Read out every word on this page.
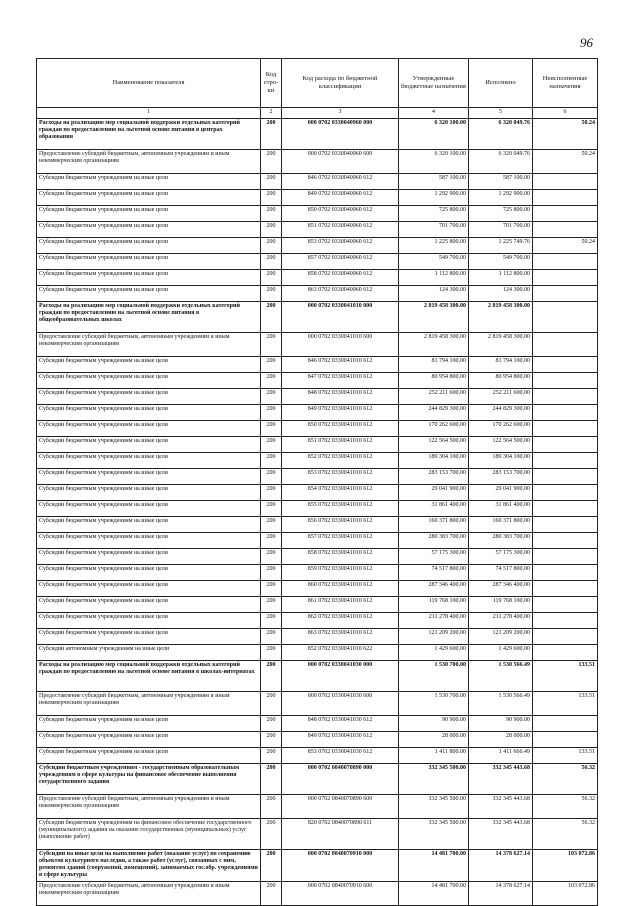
96
Наименование показателя	Код стро-ки	Код расхода по бюджетной классификации	Утвержденные бюджетные назначения	Исполнено	Неисполненные назначения
1	2	3	4	5	6
Расходы на реализацию мер социальной поддержки отдельных категорий граждан по предоставлению на льготной основе питания в центрах образования	200	000 0702 0330040960 000	6 320 100.00	6 320 049.76	50.24
Предоставление субсидий бюджетным, автономным учреждениям и иным некоммерческим организациям	200	000 0702 0330040960 600	6 320 100.00	6 320 049.76	50.24
Субсидии бюджетным учреждениям на иные цели	200	846 0702 0330040960 612	587 100.00	587 100.00	
Субсидии бюджетным учреждениям на иные цели	200	849 0702 0330040960 612	1 292 900.00	1 292 900.00	
Субсидии бюджетным учреждениям на иные цели	200	850 0702 0330040960 612	725 800.00	725 800.00	
Субсидии бюджетным учреждениям на иные цели	200	851 0702 0330040960 612	701 700.00	701 700.00	
Субсидии бюджетным учреждениям на иные цели	200	853 0702 0330040960 612	1 225 800.00	1 225 749.76	50.24
Субсидии бюджетным учреждениям на иные цели	200	857 0702 0330040960 612	549 700.00	549 700.00	
Субсидии бюджетным учреждениям на иные цели	200	858 0702 0330040960 612	1 112 800.00	1 112 800.00	
Субсидии бюджетным учреждениям на иные цели	200	863 0702 0330040960 612	124 300.00	124 300.00	
Расходы на реализацию мер социальной поддержки отдельных категорий граждан по предоставлению на льготной основе питания в общеобразовательных школах	200	000 0702 0330041010 000	2 819 458 300.00	2 819 458 300.00	
Предоставление субсидий бюджетным, автономным учреждениям и иным некоммерческим организациям	200	000 0702 0330041010 600	2 819 458 300.00	2 819 458 300.00	
Субсидии бюджетным учреждениям на иные цели	200	846 0702 0330041010 612	81 794 100.00	81 794 100.00	
Субсидии бюджетным учреждениям на иные цели	200	847 0702 0330041010 612	80 954 800.00	80 954 800.00	
Субсидии бюджетным учреждениям на иные цели	200	848 0702 0330041010 612	252 211 600.00	252 211 600.00	
Субсидии бюджетным учреждениям на иные цели	200	849 0702 0330041010 612	244 829 300.00	244 829 300.00	
Субсидии бюджетным учреждениям на иные цели	200	850 0702 0330041010 612	170 262 600.00	170 262 600.00	
Субсидии бюджетным учреждениям на иные цели	200	851 0702 0330041010 612	122 564 500.00	122 564 500.00	
Субсидии бюджетным учреждениям на иные цели	200	852 0702 0330041010 612	189 304 100.00	189 304 100.00	
Субсидии бюджетным учреждениям на иные цели	200	853 0702 0330041010 612	283 153 700.00	283 153 700.00	
Субсидии бюджетным учреждениям на иные цели	200	854 0702 0330041010 612	29 041 900.00	29 041 900.00	
Субсидии бюджетным учреждениям на иные цели	200	855 0702 0330041010 612	31 861 400.00	31 861 400.00	
Субсидии бюджетным учреждениям на иные цели	200	856 0702 0330041010 612	160 371 800.00	160 371 800.00	
Субсидии бюджетным учреждениям на иные цели	200	857 0702 0330041010 612	280 383 700.00	280 383 700.00	
Субсидии бюджетным учреждениям на иные цели	200	858 0702 0330041010 612	57 175 300.00	57 175 300.00	
Субсидии бюджетным учреждениям на иные цели	200	859 0702 0330041010 612	74 517 800.00	74 517 800.00	
Субсидии бюджетным учреждениям на иные цели	200	860 0702 0330041010 612	287 346 400.00	287 346 400.00	
Субсидии бюджетным учреждениям на иные цели	200	861 0702 0330041010 612	119 768 100.00	119 768 100.00	
Субсидии бюджетным учреждениям на иные цели	200	862 0702 0330041010 612	211 278 400.00	211 278 400.00	
Субсидии бюджетным учреждениям на иные цели	200	863 0702 0330041010 612	121 209 200.00	121 209 200.00	
Субсидии автономным учреждениям на иные цели	200	852 0702 0330041010 622	1 429 600.00	1 429 600.00	
Расходы на реализацию мер социальной поддержки отдельных категорий граждан по предоставлению на льготной основе питания в школах-интернатах	200	000 0702 0330041030 000	1 530 700.00	1 530 566.49	133.51
Предоставление субсидий бюджетным, автономным учреждениям и иным некоммерческим организациям	200	000 0702 0330041030 600	1 530 700.00	1 530 566.49	133.51
Субсидии бюджетным учреждениям на иные цели	200	848 0702 0330041030 612	90 900.00	90 900.00	
Субсидии бюджетным учреждениям на иные цели	200	849 0702 0330041030 612	28 000.00	28 000.00	
Субсидии бюджетным учреждениям на иные цели	200	853 0702 0330041030 612	1 411 800.00	1 411 666.49	133.51
Субсидии бюджетным учреждениям - государственным образовательным учреждениям в сфере культуры на финансовое обеспечение выполнения государственного задания	200	000 0702 0840070890 000	332 345 500.00	332 345 443.68	56.32
Предоставление субсидий бюджетным, автономным учреждениям и иным некоммерческим организациям	200	000 0702 0840070890 600	332 345 500.00	332 345 443.68	56.32
Субсидии бюджетным учреждениям на финансовое обеспечение государственного (муниципального) задания на оказание государственных (муниципальных) услуг (выполнение работ)	200	820 0702 0840070890 611	332 345 500.00	332 345 443.68	56.32
Субсидии на иные цели на выполнение работ (оказание услуг) по сохранению объектов культурного наследия, а также работ (услуг), связанных с ним, ремонтом зданий (сооружений, помещений), занимаемых гос.обр. учреждениями в сфере культуры	200	000 0702 0840070910 000	14 481 700.00	14 378 627.14	103 072.86
Предоставление субсидий бюджетным, автономным учреждениям и иным некоммерческим организациям	200	000 0702 0840070910 600	14 481 700.00	14 378 627.14	103 072.86
